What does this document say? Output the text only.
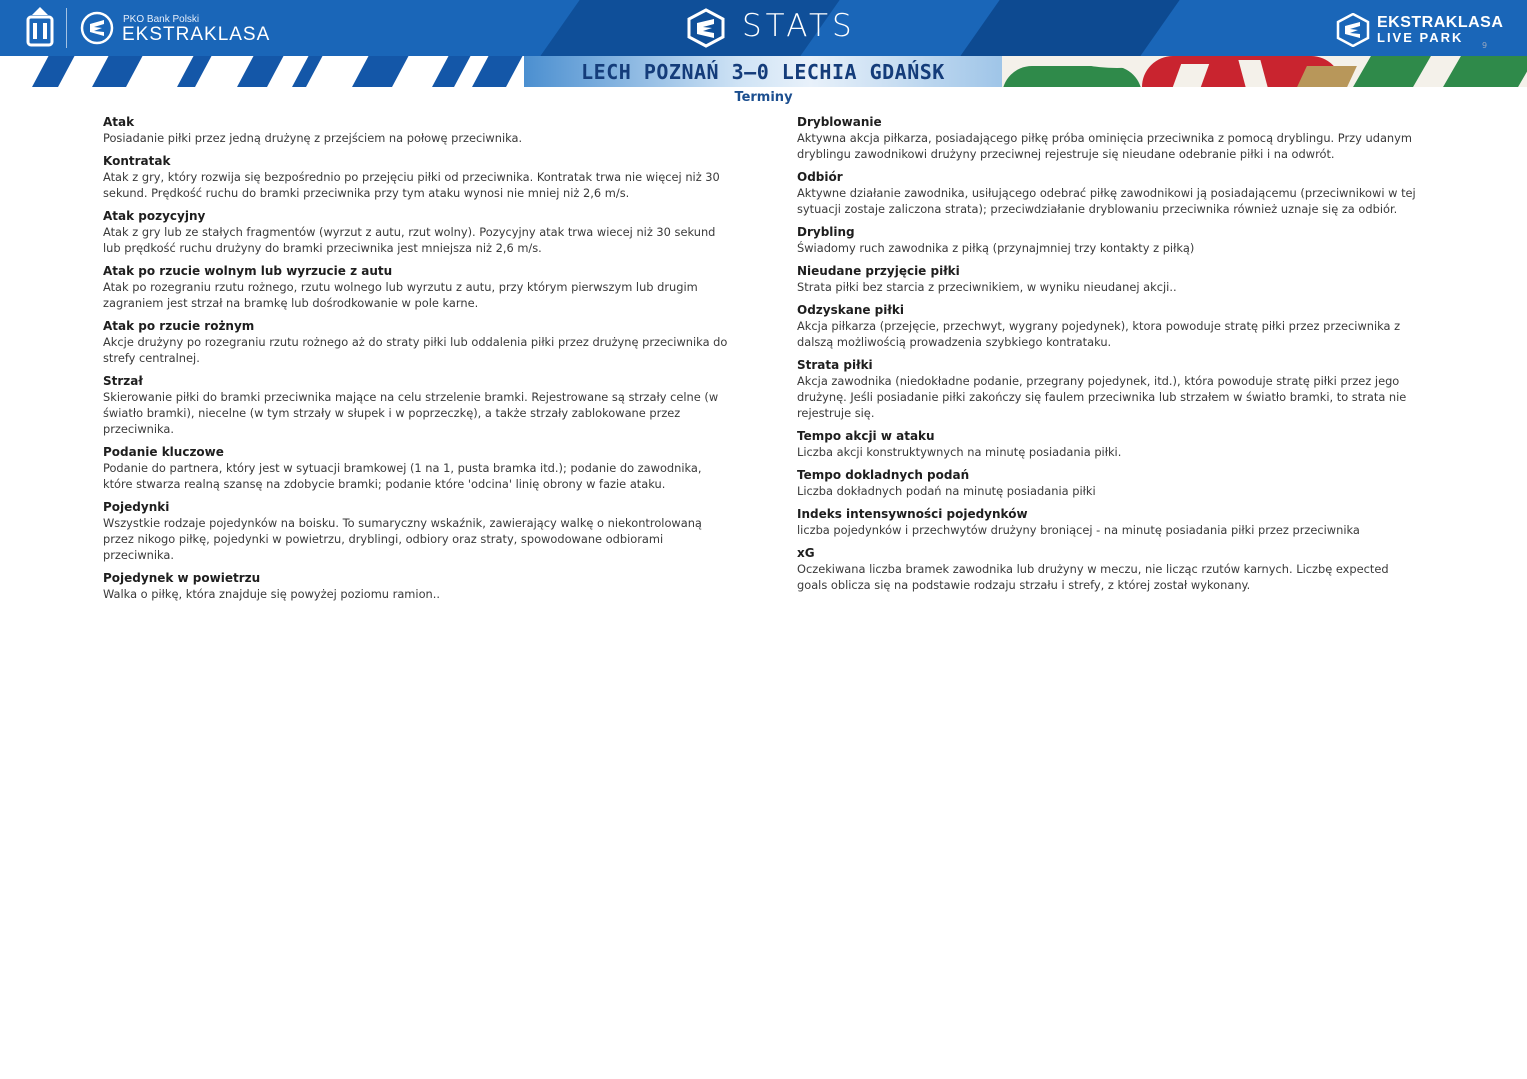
PKO Bank Polski
EKSTRAKLASA	STATS	EKSTRAKLASA
LIVE PARK
LECH POZNAŃ 3–0 LECHIA GDAŃSK
Terminy
9
Atak
Posiadanie piłki przez jedną drużynę z przejściem na połowę przeciwnika.
Kontratak
Atak z gry, który rozwija się bezpośrednio po przejęciu piłki od przeciwnika. Kontratak trwa nie więcej niż 30 sekund. Prędkość ruchu do bramki przeciwnika przy tym ataku wynosi nie mniej niż 2,6 m/s.
Atak pozycyjny
Atak z gry lub ze stałych fragmentów (wyrzut z autu, rzut wolny). Pozycyjny atak trwa wiecej niż 30 sekund lub prędkość ruchu drużyny do bramki przeciwnika jest mniejsza niż 2,6 m/s.
Atak po rzucie wolnym lub wyrzucie z autu
Atak po rozegraniu rzutu rożnego, rzutu wolnego lub wyrzutu z autu, przy którym pierwszym lub drugim zagraniem jest strzał na bramkę lub dośrodkowanie w pole karne.
Atak po rzucie rożnym
Akcje drużyny po rozegraniu rzutu rożnego aż do straty piłki lub oddalenia piłki przez drużynę przeciwnika do strefy centralnej.
Strzał
Skierowanie piłki do bramki przeciwnika mające na celu strzelenie bramki. Rejestrowane są strzały celne (w światło bramki), niecelne (w tym strzały w słupek i w poprzeczkę), a także strzały zablokowane przez przeciwnika.
Podanie kluczowe
Podanie do partnera, który jest w sytuacji bramkowej (1 na 1, pusta bramka itd.); podanie do zawodnika, które stwarza realną szansę na zdobycie bramki; podanie które 'odcina' linię obrony w fazie ataku.
Pojedynki
Wszystkie rodzaje pojedynków na boisku. To sumaryczny wskaźnik, zawierający walkę o niekontrolowaną przez nikogo piłkę, pojedynki w powietrzu, dryblingi, odbiory oraz straty, spowodowane odbiorami przeciwnika.
Pojedynek w powietrzu
Walka o piłkę, która znajduje się powyżej poziomu ramion..
Dryblowanie
Aktywna akcja piłkarza, posiadającego piłkę próba ominięcia przeciwnika z pomocą dryblingu. Przy udanym dryblingu zawodnikowi drużyny przeciwnej rejestruje się nieudane odebranie piłki i na odwrót.
Odbiór
Aktywne działanie zawodnika, usiłującego odebrać piłkę zawodnikowi ją posiadającemu (przeciwnikowi w tej sytuacji zostaje zaliczona strata); przeciwdziałanie dryblowaniu przeciwnika również uznaje się za odbiór.
Drybling
Świadomy ruch zawodnika z piłką (przynajmniej trzy kontakty z piłką)
Nieudane przyjęcie piłki
Strata piłki bez starcia z przeciwnikiem, w wyniku nieudanej akcji..
Odzyskane piłki
Akcja piłkarza (przejęcie, przechwyt, wygrany pojedynek), ktora powoduje stratę piłki przez przeciwnika z dalszą możliwością prowadzenia szybkiego kontrataku.
Strata piłki
Akcja zawodnika (niedokładne podanie, przegrany pojedynek, itd.), która powoduje stratę piłki przez jego drużynę. Jeśli posiadanie piłki zakończy się faulem przeciwnika lub strzałem w światło bramki, to strata nie rejestruje się.
Tempo akcji w ataku
Liczba akcji konstruktywnych na minutę posiadania piłki.
Tempo dokladnych podań
Liczba dokładnych podań na minutę posiadania piłki
Indeks intensywności pojedynków
liczba pojedynków i przechwytów drużyny broniącej - na minutę posiadania piłki przez przeciwnika
xG
Oczekiwana liczba bramek zawodnika lub drużyny w meczu, nie licząc rzutów karnych. Liczbę expected goals oblicza się na podstawie rodzaju strzału i strefy, z której został wykonany.
